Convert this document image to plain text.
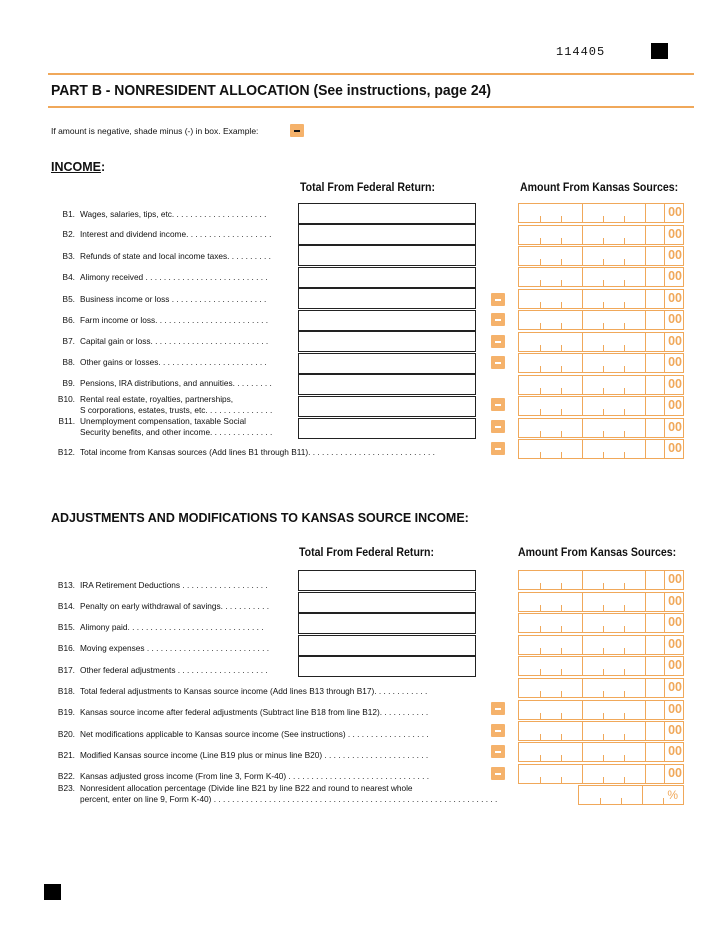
114405
PART B - NONRESIDENT ALLOCATION (See instructions, page 24)
If amount is negative, shade minus (-) in box. Example:
INCOME:
Total From Federal Return:	Amount From Kansas Sources:
B1. Wages, salaries, tips, etc. . . . . . . . . . . . . . . . . . . . .	00
B2. Interest and dividend income. . . . . . . . . . . . . . . . . . .	00
B3. Refunds of state and local income taxes. . . . . . . . . .	00
B4. Alimony received . . . . . . . . . . . . . . . . . . . . . . . . . . .	00
B5. Business income or loss . . . . . . . . . . . . . . . . . . . . .	00
B6. Farm income or loss. . . . . . . . . . . . . . . . . . . . . . . . .	00
B7. Capital gain or loss. . . . . . . . . . . . . . . . . . . . . . . . . .	00
B8. Other gains or losses. . . . . . . . . . . . . . . . . . . . . . . .	00
B9. Pensions, IRA distributions, and annuities. . . . . . . . .	00
B10. Rental real estate, royalties, partnerships,
S corporations, estates, trusts, etc. . . . . . . . . . . . . . .	00
B11. Unemployment compensation, taxable Social
Security benefits, and other income. . . . . . . . . . . . . .	00
B12. Total income from Kansas sources (Add lines B1 through B11). . . . . . . . . . . . . . . . . . . . . . . . . . . .	00
ADJUSTMENTS AND MODIFICATIONS TO KANSAS SOURCE INCOME:
Total From Federal Return:	Amount From Kansas Sources:
B13. IRA Retirement Deductions . . . . . . . . . . . . . . . . . . .	00
B14. Penalty on early withdrawal of savings. . . . . . . . . . .	00
B15. Alimony paid. . . . . . . . . . . . . . . . . . . . . . . . . . . . . .	00
B16. Moving expenses . . . . . . . . . . . . . . . . . . . . . . . . . . .	00
B17. Other federal adjustments . . . . . . . . . . . . . . . . . . . .	00
B18. Total federal adjustments to Kansas source income (Add lines B13 through B17). . . . . . . . . . . .	00
B19. Kansas source income after federal adjustments (Subtract line B18 from line B12). . . . . . . . . . .	00
B20. Net modifications applicable to Kansas source income (See instructions) . . . . . . . . . . . . . . . . . .	00
B21. Modified Kansas source income (Line B19 plus or minus line B20) . . . . . . . . . . . . . . . . . . . . . . .	00
B22. Kansas adjusted gross income (From line 3, Form K-40) . . . . . . . . . . . . . . . . . . . . . . . . . . . . . . .	00
B23. Nonresident allocation percentage (Divide line B21 by line B22 and round to nearest whole
percent, enter on line 9, Form K-40) . . . . . . . . . . . . . . . . . . . . . . . . . . . . . . . . . . . . . . . . . . . . . . . . . . . . . . . . . . . . . .	%
